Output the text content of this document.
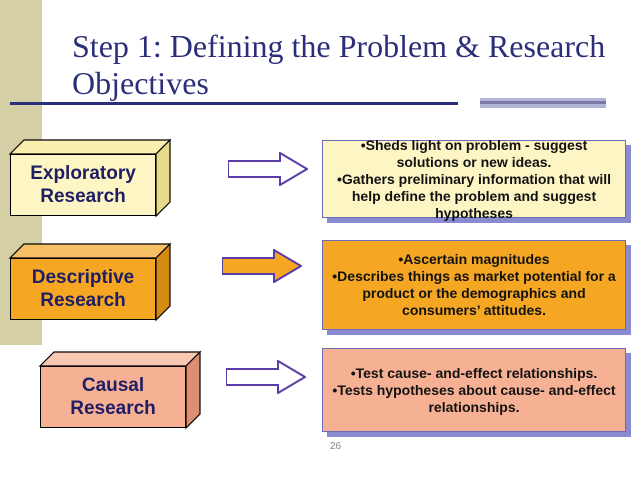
Step 1: Defining the Problem & Research Objectives
Exploratory Research
•Sheds light on problem - suggest solutions or new ideas.
•Gathers preliminary information that will help define the problem and suggest hypotheses
Descriptive Research
•Ascertain magnitudes
•Describes things as market potential for a product or the demographics and consumers’ attitudes.
Causal Research
•Test cause- and-effect relationships.
•Tests hypotheses about cause- and-effect relationships.
26
